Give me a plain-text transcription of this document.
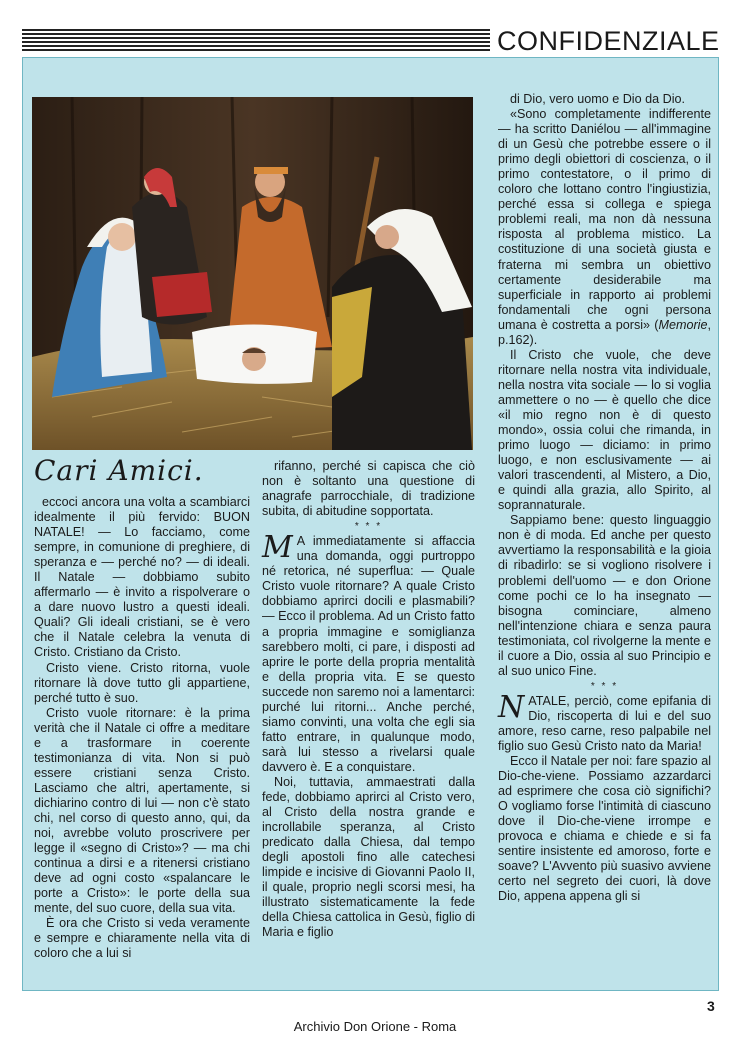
CONFIDENZIALE
Cari Amici.

eccoci ancora una volta a scambiarci idealmente il più fervido: BUON NATALE! — Lo facciamo, come sempre, in comunione di preghiere, di speranza e — perché no? — di ideali. Il Natale — dobbiamo subito affermarlo — è invito a rispolverare o a dare nuovo lustro a questi ideali. Quali? Gli ideali cristiani, se è vero che il Natale celebra la venuta di Cristo. Cristiano da Cristo.

Cristo viene. Cristo ritorna, vuole ritornare là dove tutto gli appartiene, perché tutto è suo.

Cristo vuole ritornare: è la prima verità che il Natale ci offre a meditare e a trasformare in coerente testimonianza di vita. Non si può essere cristiani senza Cristo. Lasciamo che altri, apertamente, si dichiarino contro di lui — non c'è stato chi, nel corso di questo anno, qui, da noi, avrebbe voluto proscrivere per legge il «segno di Cristo»? — ma chi continua a dirsi e a ritenersi cristiano deve ad ogni costo «spalancare le porte a Cristo»: le porte della sua mente, del suo cuore, della sua vita.

È ora che Cristo si veda veramente e sempre e chiaramente nella vita di coloro che a lui si

rifanno, perché si capisca che ciò non è soltanto una questione di anagrafe parrocchiale, di tradizione subita, di abitudine sopportata.

* * *

M A immediatamente si affaccia una domanda, oggi purtroppo né retorica, né superflua: — Quale Cristo vuole ritornare? A quale Cristo dobbiamo aprirci docili e plasmabili? — Ecco il problema. Ad un Cristo fatto a propria immagine e somiglianza sarebbero molti, ci pare, i disposti ad aprire le porte della propria mentalità e della propria vita. E se questo succede non saremo noi a lamentarci: purché lui ritorni... Anche perché, siamo convinti, una volta che egli sia fatto entrare, in qualunque modo, sarà lui stesso a rivelarsi quale davvero è. E a conquistare.

Noi, tuttavia, ammaestrati dalla fede, dobbiamo aprirci al Cristo vero, al Cristo della nostra grande e incrollabile speranza, al Cristo predicato dalla Chiesa, dal tempo degli apostoli fino alle catechesi limpide e incisive di Giovanni Paolo II, il quale, proprio negli scorsi mesi, ha illustrato sistematicamente la fede della Chiesa cattolica in Gesù, figlio di Maria e figlio

di Dio, vero uomo e Dio da Dio.

«Sono completamente indifferente — ha scritto Daniélou — all'immagine di un Gesù che potrebbe essere o il primo degli obiettori di coscienza, o il primo contestatore, o il primo di coloro che lottano contro l'ingiustizia, perché essa si collega e spiega problemi reali, ma non dà nessuna risposta al problema mistico. La costituzione di una società giusta e fraterna mi sembra un obiettivo certamente desiderabile ma superficiale in rapporto ai problemi fondamentali che ogni persona umana è costretta a porsi» (Memorie, p.162).

Il Cristo che vuole, che deve ritornare nella nostra vita individuale, nella nostra vita sociale — lo si voglia ammettere o no — è quello che dice «il mio regno non è di questo mondo», ossia colui che rimanda, in primo luogo — diciamo: in primo luogo, e non esclusivamente — ai valori trascendenti, al Mistero, a Dio, e quindi alla grazia, allo Spirito, al soprannaturale.

Sappiamo bene: questo linguaggio non è di moda. Ed anche per questo avvertiamo la responsabilità e la gioia di ribadirlo: se si vogliono risolvere i problemi dell'uomo — e don Orione come pochi ce lo ha insegnato — bisogna cominciare, almeno nell'intenzione chiara e senza paura testimoniata, col rivolgerne la mente e il cuore a Dio, ossia al suo Principio e al suo unico Fine.

* * *

NATALE, perciò, come epifania di Dio, riscoperta di lui e del suo amore, reso carne, reso palpabile nel figlio suo Gesù Cristo nato da Maria!

Ecco il Natale per noi: fare spazio al Dio-che-viene. Possiamo azzardarci ad esprimere che cosa ciò significhi? O vogliamo forse l'intimità di ciascuno dove il Dio-che-viene irrompe e provoca e chiama e chiede e si fa sentire insistente ed amoroso, forte e soave? L'Avvento più suasivo avviene certo nel segreto dei cuori, là dove Dio, appena appena gli si

3
Archivio Don Orione - Roma
